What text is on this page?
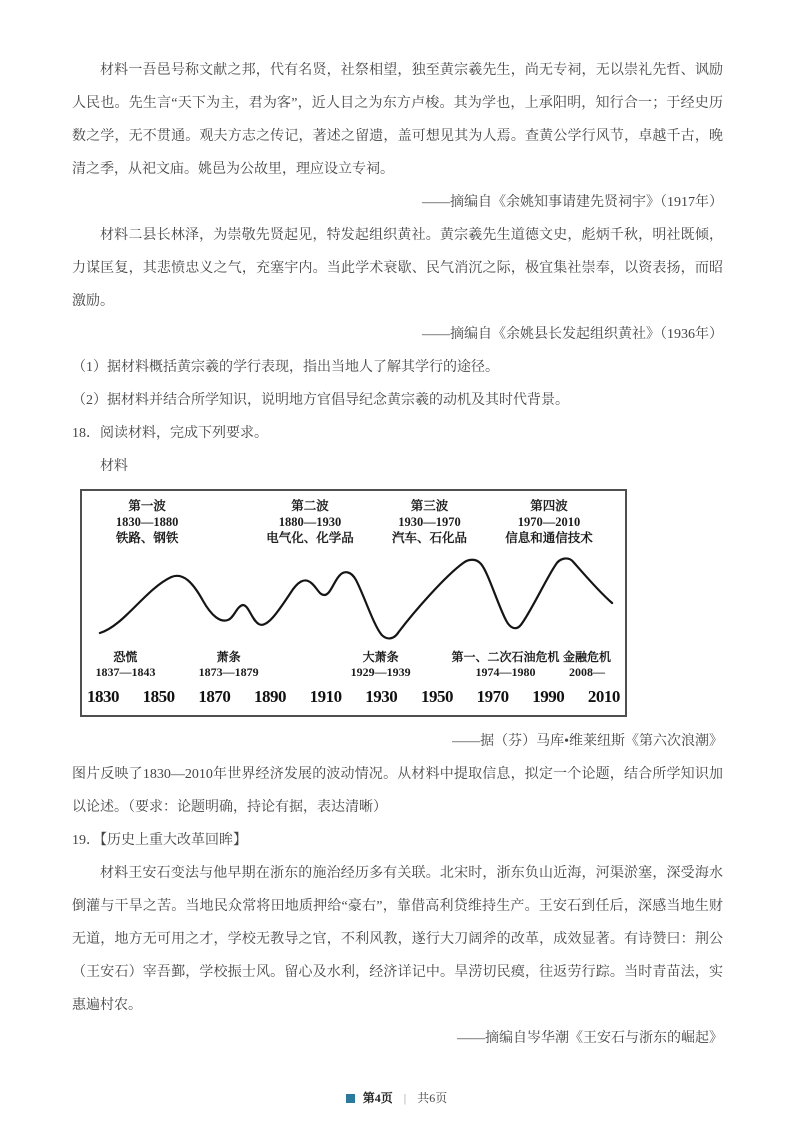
材料一吾邑号称文献之邦，代有名贤，社祭相望，独至黄宗羲先生，尚无专祠，无以崇礼先哲、讽励人民也。先生言“天下为主，君为客”，近人目之为东方卢梭。其为学也，上承阳明，知行合一；于经史历数之学，无不贯通。观夫方志之传记，著述之留遗，盖可想见其为人焉。查黄公学行风节，卓越千古，晚清之季，从祀文庙。姚邑为公故里，理应设立专祠。

——摘编自《余姚知事请建先贤祠宇》（1917年）

材料二县长林泽，为崇敬先贤起见，特发起组织黄社。黄宗羲先生道德文史，彪炳千秋，明社既倾，力谋匡复，其悲愤忠义之气，充塞宇内。当此学术衰歇、民气消沉之际，极宜集社崇奉，以资表扬，而昭激励。

——摘编自《余姚县长发起组织黄社》（1936年）

（1）据材料概括黄宗羲的学行表现，指出当地人了解其学行的途径。

（2）据材料并结合所学知识，说明地方官倡导纪念黄宗羲的动机及其时代背景。

18．阅读材料，完成下列要求。

材料

第一波
1830—1880
铁路、钢铁
第二波
1880—1930
电气化、化学品
第三波
1930—1970
汽车、石化品
第四波
1970—2010
信息和通信技术
恐慌
1837—1843
萧条
1873—1879
大萧条
1929—1939
第一、二次石油危机
1974—1980
金融危机
2008—
1830 1850 1870 1890 1910 1930 1950 1970 1990 2010

——据（芬）马库•维莱纽斯《第六次浪潮》

图片反映了1830—2010年世界经济发展的波动情况。从材料中提取信息，拟定一个论题，结合所学知识加以论述。（要求：论题明确，持论有据，表达清晰）

19．【历史上重大改革回眸】

材料王安石变法与他早期在浙东的施治经历多有关联。北宋时，浙东负山近海，河渠淤塞，深受海水倒灌与干旱之苦。当地民众常将田地质押给“豪右”，靠借高利贷维持生产。王安石到任后，深感当地生财无道，地方无可用之才，学校无教导之官，不利风教，遂行大刀阔斧的改革，成效显著。有诗赞曰：荆公（王安石）宰吾鄞，学校振士风。留心及水利，经济详记中。旱涝切民瘼，往返劳行踪。当时青苗法，实惠遍村农。

——摘编自岑华潮《王安石与浙东的崛起》

第4页 | 共6页
